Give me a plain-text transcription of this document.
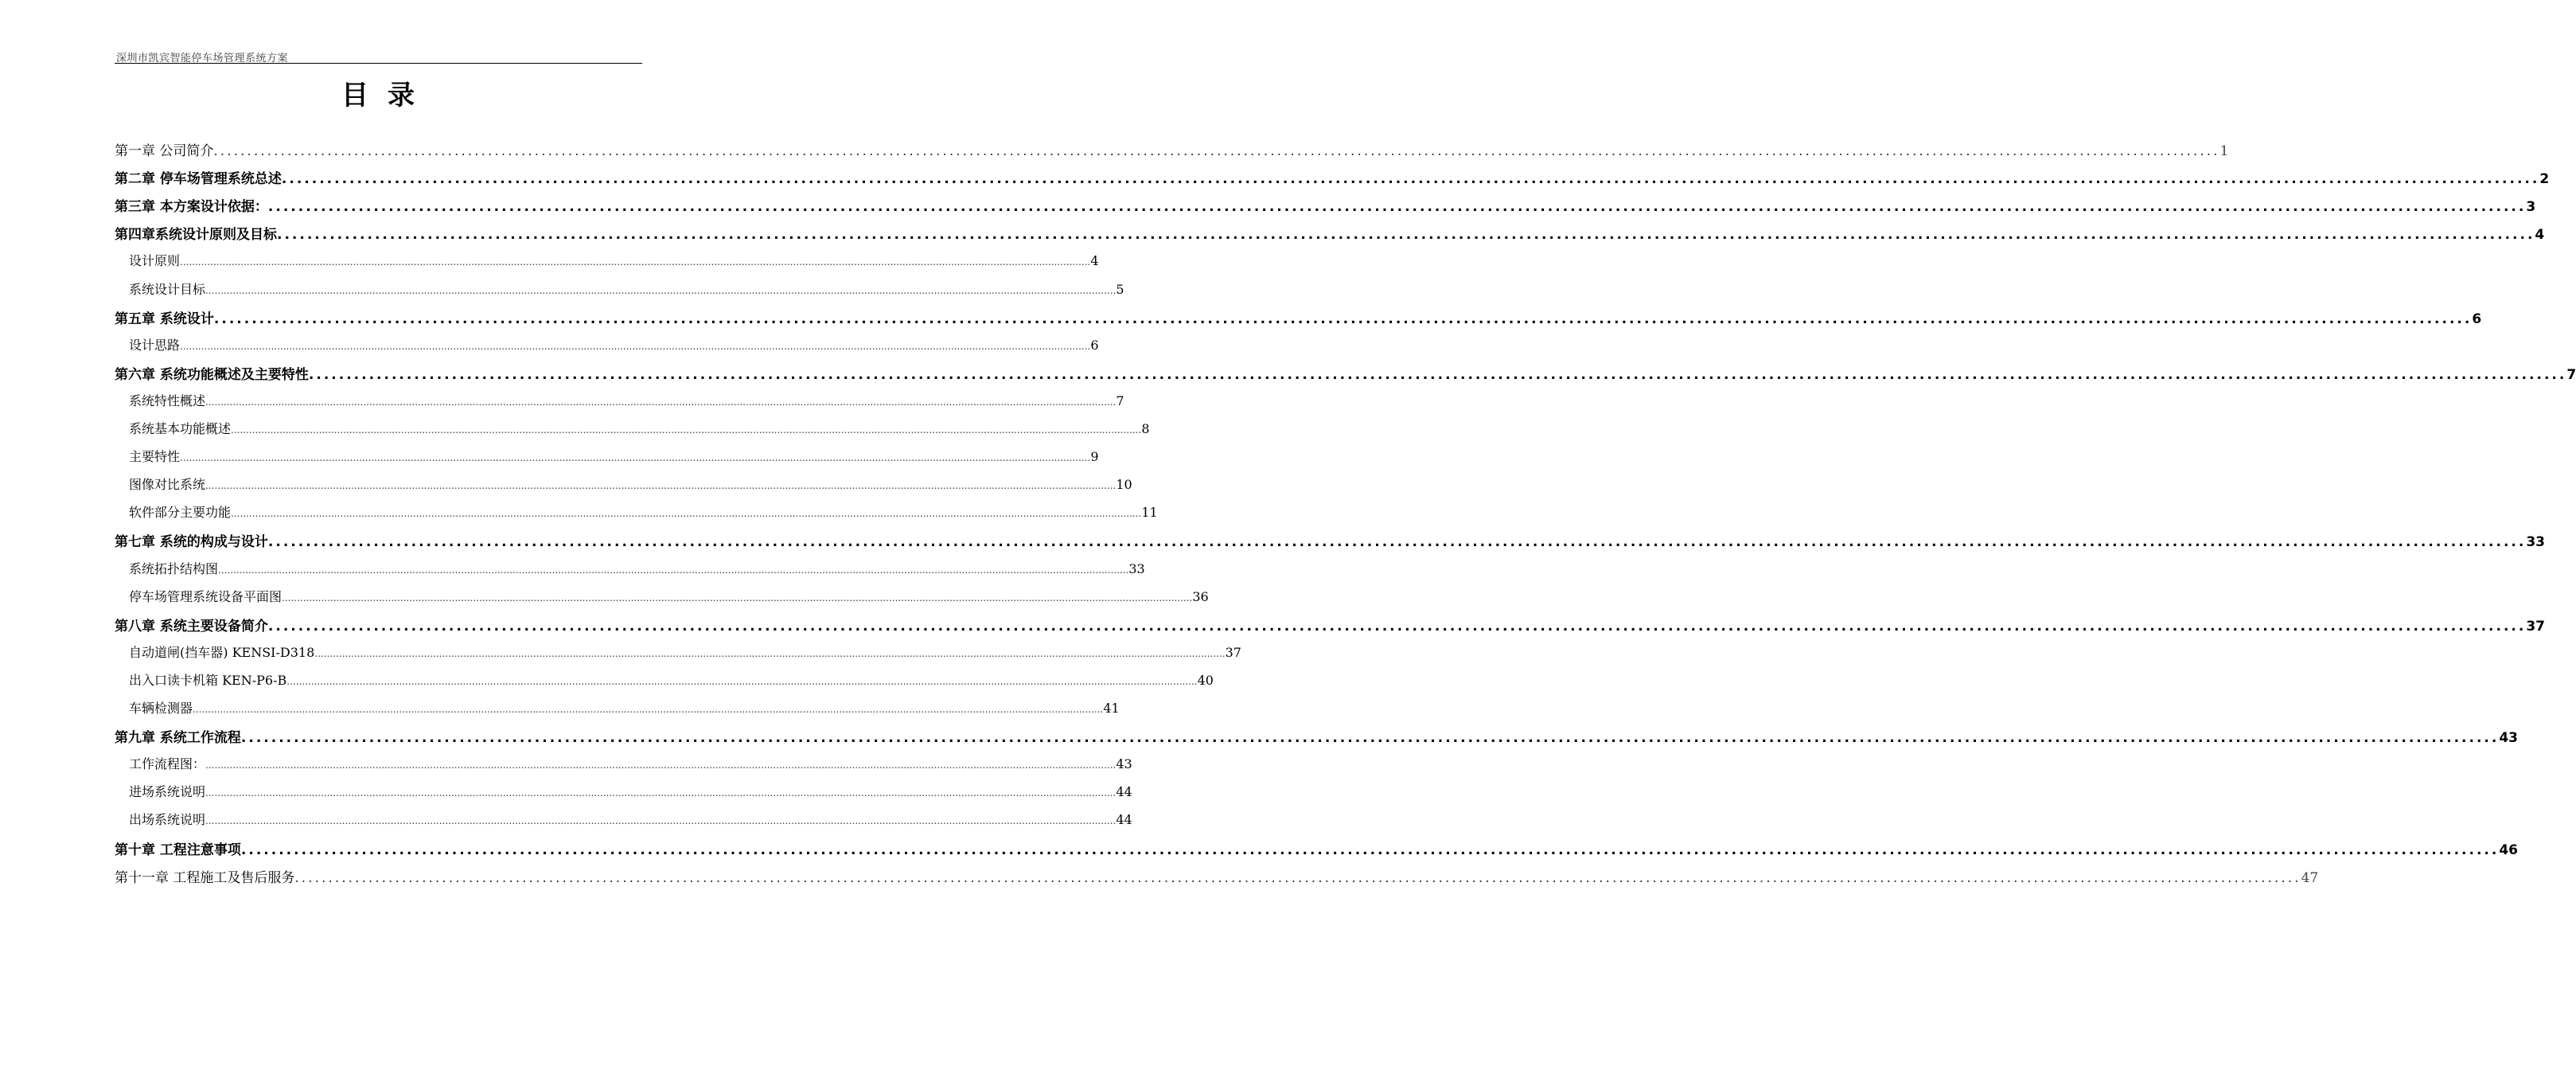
深圳市凯宾智能停车场管理系统方案
目录
第一章 公司简介 ............................................................................................................................................................................................................................................................................................................ 1
第二章 停车场管理系统总述 ............................................................................................................................................................................................................................................................................................................ 2
第三章 本方案设计依据： ............................................................................................................................................................................................................................................................................................................ 3
第四章系统设计原则及目标 ............................................................................................................................................................................................................................................................................................................ 4
设计原则 ............................................................................................................................................................................................................................................................................................................ 4
系统设计目标 ............................................................................................................................................................................................................................................................................................................ 5
第五章 系统设计 ............................................................................................................................................................................................................................................................................................................ 6
设计思路 ............................................................................................................................................................................................................................................................................................................ 6
第六章 系统功能概述及主要特性 ............................................................................................................................................................................................................................................................................................................ 7
系统特性概述 ............................................................................................................................................................................................................................................................................................................ 7
系统基本功能概述 ............................................................................................................................................................................................................................................................................................................ 8
主要特性 ............................................................................................................................................................................................................................................................................................................ 9
图像对比系统 ............................................................................................................................................................................................................................................................................................................ 10
软件部分主要功能 ............................................................................................................................................................................................................................................................................................................ 11
第七章 系统的构成与设计 ............................................................................................................................................................................................................................................................................................................ 33
系统拓扑结构图 ............................................................................................................................................................................................................................................................................................................ 33
停车场管理系统设备平面图 ............................................................................................................................................................................................................................................................................................................ 36
第八章 系统主要设备简介 ............................................................................................................................................................................................................................................................................................................ 37
自动道闸(挡车器) KENSI-D318 ............................................................................................................................................................................................................................................................................................................ 37
出入口读卡机箱 KEN-P6-B ............................................................................................................................................................................................................................................................................................................ 40
车辆检测器 ............................................................................................................................................................................................................................................................................................................ 41
第九章 系统工作流程 ............................................................................................................................................................................................................................................................................................................ 43
工作流程图： ............................................................................................................................................................................................................................................................................................................ 43
进场系统说明 ............................................................................................................................................................................................................................................................................................................ 44
出场系统说明 ............................................................................................................................................................................................................................................................................................................ 44
第十章 工程注意事项 ............................................................................................................................................................................................................................................................................................................ 46
第十一章 工程施工及售后服务 ............................................................................................................................................................................................................................................................................................................ 47
